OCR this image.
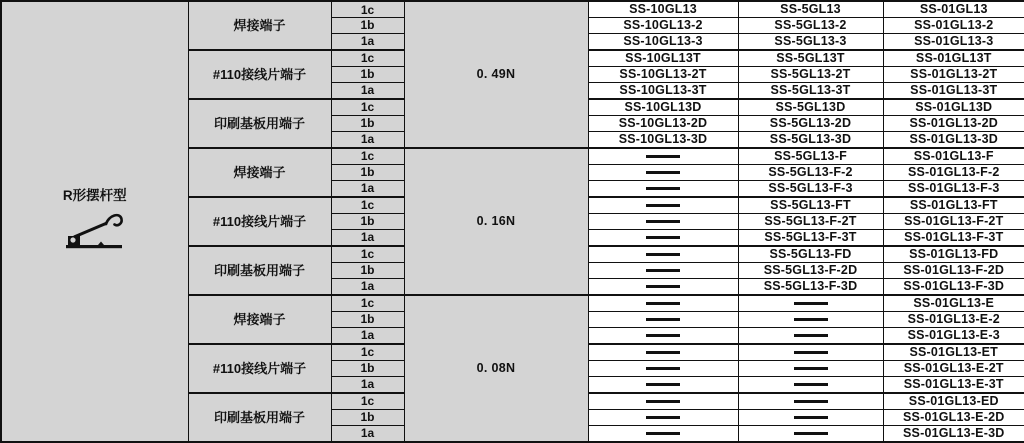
R形摆杆型	焊接端子	1c	0. 49N	SS-10GL13	SS-5GL13	SS-01GL13
		1b		SS-10GL13-2	SS-5GL13-2	SS-01GL13-2
		1a		SS-10GL13-3	SS-5GL13-3	SS-01GL13-3
	#110接线片端子	1c		SS-10GL13T	SS-5GL13T	SS-01GL13T
		1b		SS-10GL13-2T	SS-5GL13-2T	SS-01GL13-2T
		1a		SS-10GL13-3T	SS-5GL13-3T	SS-01GL13-3T
	印刷基板用端子	1c		SS-10GL13D	SS-5GL13D	SS-01GL13D
		1b		SS-10GL13-2D	SS-5GL13-2D	SS-01GL13-2D
		1a		SS-10GL13-3D	SS-5GL13-3D	SS-01GL13-3D
	焊接端子	1c	0. 16N		SS-5GL13-F	SS-01GL13-F
		1b			SS-5GL13-F-2	SS-01GL13-F-2
		1a			SS-5GL13-F-3	SS-01GL13-F-3
	#110接线片端子	1c			SS-5GL13-FT	SS-01GL13-FT
		1b			SS-5GL13-F-2T	SS-01GL13-F-2T
		1a			SS-5GL13-F-3T	SS-01GL13-F-3T
	印刷基板用端子	1c			SS-5GL13-FD	SS-01GL13-FD
		1b			SS-5GL13-F-2D	SS-01GL13-F-2D
		1a			SS-5GL13-F-3D	SS-01GL13-F-3D
	焊接端子	1c	0. 08N			SS-01GL13-E
		1b				SS-01GL13-E-2
		1a				SS-01GL13-E-3
	#110接线片端子	1c				SS-01GL13-ET
		1b				SS-01GL13-E-2T
		1a				SS-01GL13-E-3T
	印刷基板用端子	1c				SS-01GL13-ED
		1b				SS-01GL13-E-2D
		1a				SS-01GL13-E-3D
